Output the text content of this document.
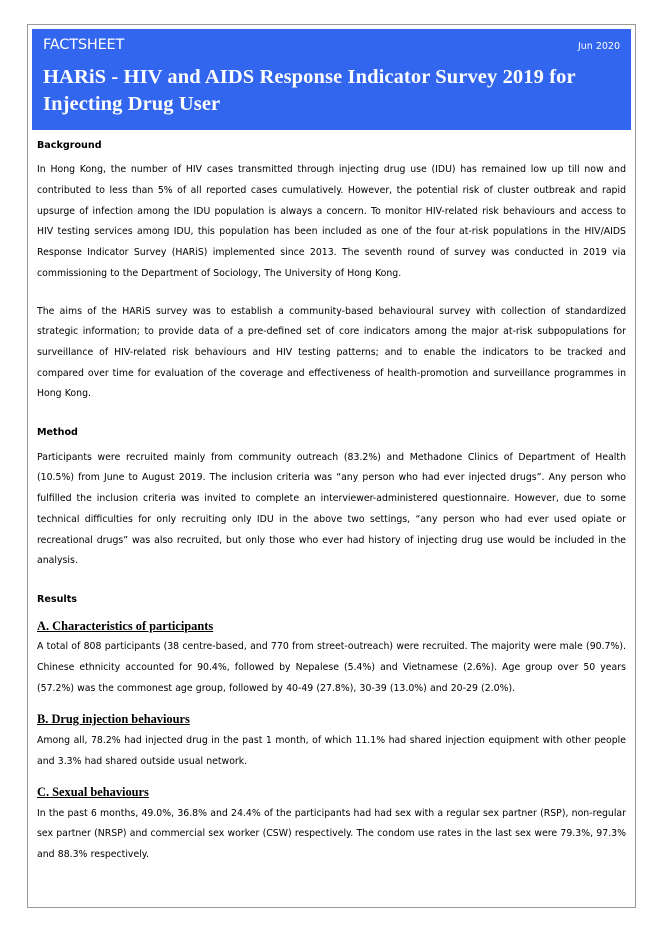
FACTSHEET	Jun 2020
HARiS - HIV and AIDS Response Indicator Survey 2019 for Injecting Drug User
Background

In Hong Kong, the number of HIV cases transmitted through injecting drug use (IDU) has remained low up till now and contributed to less than 5% of all reported cases cumulatively. However, the potential risk of cluster outbreak and rapid upsurge of infection among the IDU population is always a concern. To monitor HIV-related risk behaviours and access to HIV testing services among IDU, this population has been included as one of the four at-risk populations in the HIV/AIDS Response Indicator Survey (HARiS) implemented since 2013. The seventh round of survey was conducted in 2019 via commissioning to the Department of Sociology, The University of Hong Kong.

The aims of the HARiS survey was to establish a community-based behavioural survey with collection of standardized strategic information; to provide data of a pre-defined set of core indicators among the major at-risk subpopulations for surveillance of HIV-related risk behaviours and HIV testing patterns; and to enable the indicators to be tracked and compared over time for evaluation of the coverage and effectiveness of health-promotion and surveillance programmes in Hong Kong.

Method

Participants were recruited mainly from community outreach (83.2%) and Methadone Clinics of Department of Health (10.5%) from June to August 2019. The inclusion criteria was “any person who had ever injected drugs”. Any person who fulfilled the inclusion criteria was invited to complete an interviewer-administered questionnaire. However, due to some technical difficulties for only recruiting only IDU in the above two settings, “any person who had ever used opiate or recreational drugs” was also recruited, but only those who ever had history of injecting drug use would be included in the analysis.

Results
A. Characteristics of participants

A total of 808 participants (38 centre-based, and 770 from street-outreach) were recruited. The majority were male (90.7%). Chinese ethnicity accounted for 90.4%, followed by Nepalese (5.4%) and Vietnamese (2.6%). Age group over 50 years (57.2%) was the commonest age group, followed by 40-49 (27.8%), 30-39 (13.0%) and 20-29 (2.0%).

B. Drug injection behaviours

Among all, 78.2% had injected drug in the past 1 month, of which 11.1% had shared injection equipment with other people and 3.3% had shared outside usual network.

C. Sexual behaviours

In the past 6 months, 49.0%, 36.8% and 24.4% of the participants had had sex with a regular sex partner (RSP), non-regular sex partner (NRSP) and commercial sex worker (CSW) respectively. The condom use rates in the last sex were 79.3%, 97.3% and 88.3% respectively.
